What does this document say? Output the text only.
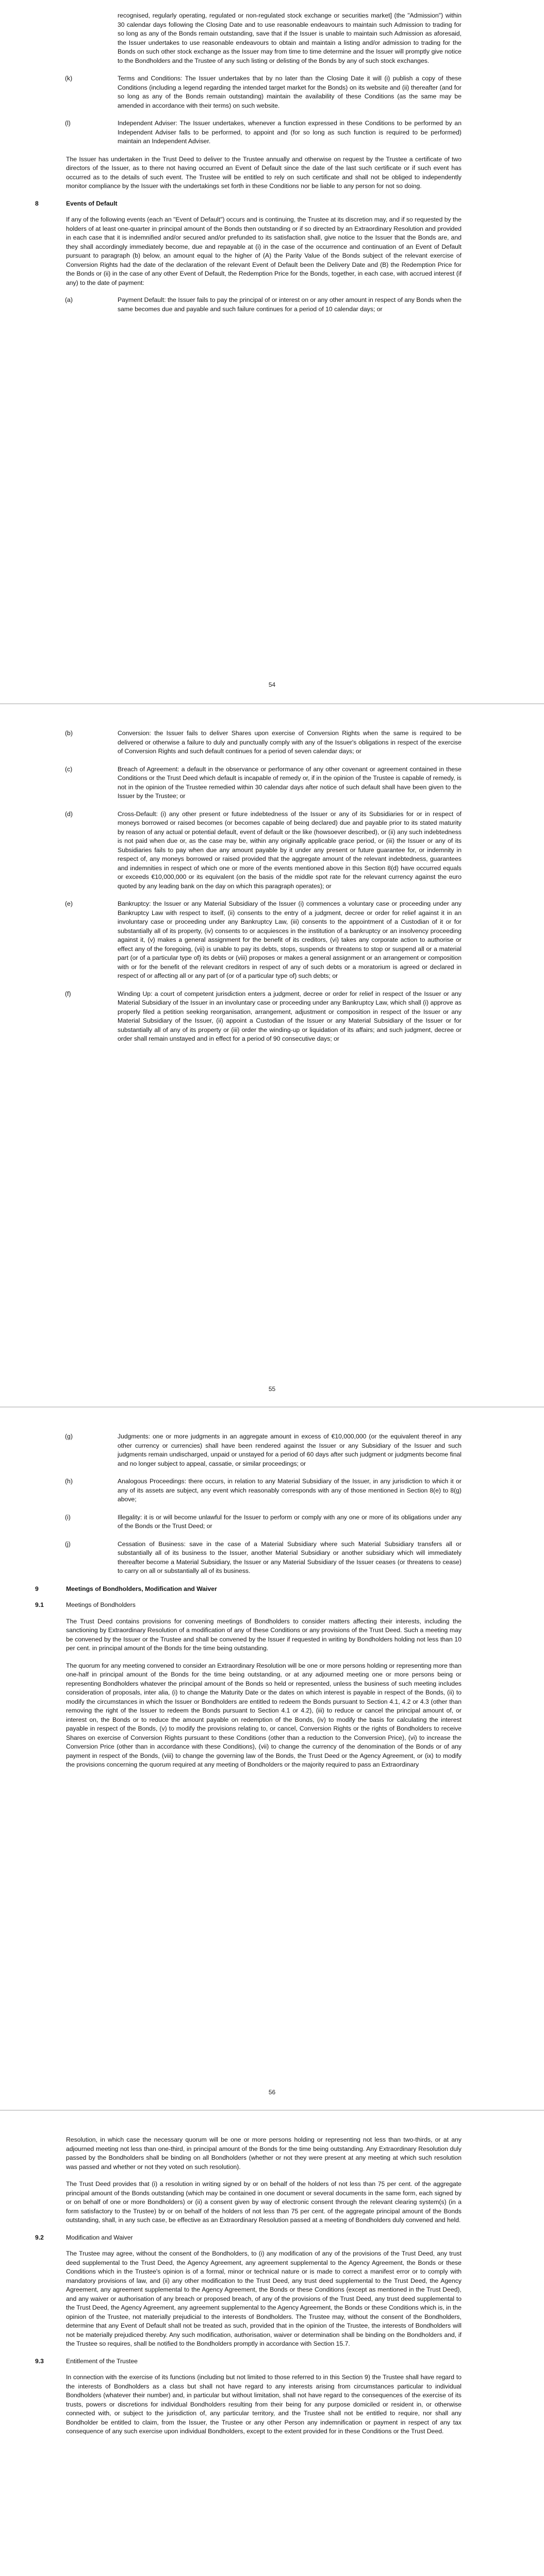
recognised, regularly operating, regulated or non-regulated stock exchange or securities market] (the "Admission") within 30 calendar days following the Closing Date and to use reasonable endeavours to maintain such Admission to trading for so long as any of the Bonds remain outstanding, save that if the Issuer is unable to maintain such Admission as aforesaid, the Issuer undertakes to use reasonable endeavours to obtain and maintain a listing and/or admission to trading for the Bonds on such other stock exchange as the Issuer may from time to time determine and the Issuer will promptly give notice to the Bondholders and the Trustee of any such listing or delisting of the Bonds by any of such stock exchanges.
(k)	Terms and Conditions: The Issuer undertakes that by no later than the Closing Date it will (i) publish a copy of these Conditions (including a legend regarding the intended target market for the Bonds) on its website and (ii) thereafter (and for so long as any of the Bonds remain outstanding) maintain the availability of these Conditions (as the same may be amended in accordance with their terms) on such website.
(l)	Independent Adviser: The Issuer undertakes, whenever a function expressed in these Conditions to be performed by an Independent Adviser falls to be performed, to appoint and (for so long as such function is required to be performed) maintain an Independent Adviser.

The Issuer has undertaken in the Trust Deed to deliver to the Trustee annually and otherwise on request by the Trustee a certificate of two directors of the Issuer, as to there not having occurred an Event of Default since the date of the last such certificate or if such event has occurred as to the details of such event. The Trustee will be entitled to rely on such certificate and shall not be obliged to independently monitor compliance by the Issuer with the undertakings set forth in these Conditions nor be liable to any person for not so doing.

8	Events of Default

If any of the following events (each an "Event of Default") occurs and is continuing, the Trustee at its discretion may, and if so requested by the holders of at least one-quarter in principal amount of the Bonds then outstanding or if so directed by an Extraordinary Resolution and provided in each case that it is indemnified and/or secured and/or prefunded to its satisfaction shall, give notice to the Issuer that the Bonds are, and they shall accordingly immediately become, due and repayable at (i) in the case of the occurrence and continuation of an Event of Default pursuant to paragraph (b) below, an amount equal to the higher of (A) the Parity Value of the Bonds subject of the relevant exercise of Conversion Rights had the date of the declaration of the relevant Event of Default been the Delivery Date and (B) the Redemption Price for the Bonds or (ii) in the case of any other Event of Default, the Redemption Price for the Bonds, together, in each case, with accrued interest (if any) to the date of payment:

(a)	Payment Default: the Issuer fails to pay the principal of or interest on or any other amount in respect of any Bonds when the same becomes due and payable and such failure continues for a period of 10 calendar days; or
54
(b)	Conversion: the Issuer fails to deliver Shares upon exercise of Conversion Rights when the same is required to be delivered or otherwise a failure to duly and punctually comply with any of the Issuer's obligations in respect of the exercise of Conversion Rights and such default continues for a period of seven calendar days; or
(c)	Breach of Agreement: a default in the observance or performance of any other covenant or agreement contained in these Conditions or the Trust Deed which default is incapable of remedy or, if in the opinion of the Trustee is capable of remedy, is not in the opinion of the Trustee remedied within 30 calendar days after notice of such default shall have been given to the Issuer by the Trustee; or
(d)	Cross-Default: (i) any other present or future indebtedness of the Issuer or any of its Subsidiaries for or in respect of moneys borrowed or raised becomes (or becomes capable of being declared) due and payable prior to its stated maturity by reason of any actual or potential default, event of default or the like (howsoever described), or (ii) any such indebtedness is not paid when due or, as the case may be, within any originally applicable grace period, or (iii) the Issuer or any of its Subsidiaries fails to pay when due any amount payable by it under any present or future guarantee for, or indemnity in respect of, any moneys borrowed or raised provided that the aggregate amount of the relevant indebtedness, guarantees and indemnities in respect of which one or more of the events mentioned above in this Section 8(d) have occurred equals or exceeds €10,000,000 or its equivalent (on the basis of the middle spot rate for the relevant currency against the euro quoted by any leading bank on the day on which this paragraph operates); or
(e)	Bankruptcy: the Issuer or any Material Subsidiary of the Issuer (i) commences a voluntary case or proceeding under any Bankruptcy Law with respect to itself, (ii) consents to the entry of a judgment, decree or order for relief against it in an involuntary case or proceeding under any Bankruptcy Law, (iii) consents to the appointment of a Custodian of it or for substantially all of its property, (iv) consents to or acquiesces in the institution of a bankruptcy or an insolvency proceeding against it, (v) makes a general assignment for the benefit of its creditors, (vi) takes any corporate action to authorise or effect any of the foregoing, (vii) is unable to pay its debts, stops, suspends or threatens to stop or suspend all or a material part (or of a particular type of) its debts or (viii) proposes or makes a general assignment or an arrangement or composition with or for the benefit of the relevant creditors in respect of any of such debts or a moratorium is agreed or declared in respect of or affecting all or any part of (or of a particular type of) such debts; or
(f)	Winding Up: a court of competent jurisdiction enters a judgment, decree or order for relief in respect of the Issuer or any Material Subsidiary of the Issuer in an involuntary case or proceeding under any Bankruptcy Law, which shall (i) approve as properly filed a petition seeking reorganisation, arrangement, adjustment or composition in respect of the Issuer or any Material Subsidiary of the Issuer, (ii) appoint a Custodian of the Issuer or any Material Subsidiary of the Issuer or for substantially all of any of its property or (iii) order the winding-up or liquidation of its affairs; and such judgment, decree or order shall remain unstayed and in effect for a period of 90 consecutive days; or
55
(g)	Judgments: one or more judgments in an aggregate amount in excess of €10,000,000 (or the equivalent thereof in any other currency or currencies) shall have been rendered against the Issuer or any Subsidiary of the Issuer and such judgments remain undischarged, unpaid or unstayed for a period of 60 days after such judgment or judgments become final and no longer subject to appeal, cassatie, or similar proceedings; or
(h)	Analogous Proceedings: there occurs, in relation to any Material Subsidiary of the Issuer, in any jurisdiction to which it or any of its assets are subject, any event which reasonably corresponds with any of those mentioned in Section 8(e) to 8(g) above;
(i)	Illegality: it is or will become unlawful for the Issuer to perform or comply with any one or more of its obligations under any of the Bonds or the Trust Deed; or
(j)	Cessation of Business: save in the case of a Material Subsidiary where such Material Subsidiary transfers all or substantially all of its business to the Issuer, another Material Subsidiary or another subsidiary which will immediately thereafter become a Material Subsidiary, the Issuer or any Material Subsidiary of the Issuer ceases (or threatens to cease) to carry on all or substantially all of its business.
9	Meetings of Bondholders, Modification and Waiver
9.1	Meetings of Bondholders

The Trust Deed contains provisions for convening meetings of Bondholders to consider matters affecting their interests, including the sanctioning by Extraordinary Resolution of a modification of any of these Conditions or any provisions of the Trust Deed. Such a meeting may be convened by the Issuer or the Trustee and shall be convened by the Issuer if requested in writing by Bondholders holding not less than 10 per cent. in principal amount of the Bonds for the time being outstanding.

The quorum for any meeting convened to consider an Extraordinary Resolution will be one or more persons holding or representing more than one-half in principal amount of the Bonds for the time being outstanding, or at any adjourned meeting one or more persons being or representing Bondholders whatever the principal amount of the Bonds so held or represented, unless the business of such meeting includes consideration of proposals, inter alia, (i) to change the Maturity Date or the dates on which interest is payable in respect of the Bonds, (ii) to modify the circumstances in which the Issuer or Bondholders are entitled to redeem the Bonds pursuant to Section 4.1, 4.2 or 4.3 (other than removing the right of the Issuer to redeem the Bonds pursuant to Section 4.1 or 4.2), (iii) to reduce or cancel the principal amount of, or interest on, the Bonds or to reduce the amount payable on redemption of the Bonds, (iv) to modify the basis for calculating the interest payable in respect of the Bonds, (v) to modify the provisions relating to, or cancel, Conversion Rights or the rights of Bondholders to receive Shares on exercise of Conversion Rights pursuant to these Conditions (other than a reduction to the Conversion Price), (vi) to increase the Conversion Price (other than in accordance with these Conditions), (vii) to change the currency of the denomination of the Bonds or of any payment in respect of the Bonds, (viii) to change the governing law of the Bonds, the Trust Deed or the Agency Agreement, or (ix) to modify the provisions concerning the quorum required at any meeting of Bondholders or the majority required to pass an Extraordinary

56

Resolution, in which case the necessary quorum will be one or more persons holding or representing not less than two-thirds, or at any adjourned meeting not less than one-third, in principal amount of the Bonds for the time being outstanding. Any Extraordinary Resolution duly passed by the Bondholders shall be binding on all Bondholders (whether or not they were present at any meeting at which such resolution was passed and whether or not they voted on such resolution).

The Trust Deed provides that (i) a resolution in writing signed by or on behalf of the holders of not less than 75 per cent. of the aggregate principal amount of the Bonds outstanding (which may be contained in one document or several documents in the same form, each signed by or on behalf of one or more Bondholders) or (ii) a consent given by way of electronic consent through the relevant clearing system(s) (in a form satisfactory to the Trustee) by or on behalf of the holders of not less than 75 per cent. of the aggregate principal amount of the Bonds outstanding, shall, in any such case, be effective as an Extraordinary Resolution passed at a meeting of Bondholders duly convened and held.

9.2	Modification and Waiver

The Trustee may agree, without the consent of the Bondholders, to (i) any modification of any of the provisions of the Trust Deed, any trust deed supplemental to the Trust Deed, the Agency Agreement, any agreement supplemental to the Agency Agreement, the Bonds or these Conditions which in the Trustee's opinion is of a formal, minor or technical nature or is made to correct a manifest error or to comply with mandatory provisions of law, and (ii) any other modification to the Trust Deed, any trust deed supplemental to the Trust Deed, the Agency Agreement, any agreement supplemental to the Agency Agreement, the Bonds or these Conditions (except as mentioned in the Trust Deed), and any waiver or authorisation of any breach or proposed breach, of any of the provisions of the Trust Deed, any trust deed supplemental to the Trust Deed, the Agency Agreement, any agreement supplemental to the Agency Agreement, the Bonds or these Conditions which is, in the opinion of the Trustee, not materially prejudicial to the interests of Bondholders. The Trustee may, without the consent of the Bondholders, determine that any Event of Default shall not be treated as such, provided that in the opinion of the Trustee, the interests of Bondholders will not be materially prejudiced thereby. Any such modification, authorisation, waiver or determination shall be binding on the Bondholders and, if the Trustee so requires, shall be notified to the Bondholders promptly in accordance with Section 15.7.

9.3	Entitlement of the Trustee

In connection with the exercise of its functions (including but not limited to those referred to in this Section 9) the Trustee shall have regard to the interests of Bondholders as a class but shall not have regard to any interests arising from circumstances particular to individual Bondholders (whatever their number) and, in particular but without limitation, shall not have regard to the consequences of the exercise of its trusts, powers or discretions for individual Bondholders resulting from their being for any purpose domiciled or resident in, or otherwise connected with, or subject to the jurisdiction of, any particular territory, and the Trustee shall not be entitled to require, nor shall any Bondholder be entitled to claim, from the Issuer, the Trustee or any other Person any indemnification or payment in respect of any tax consequence of any such exercise upon individual Bondholders, except to the extent provided for in these Conditions or the Trust Deed.
